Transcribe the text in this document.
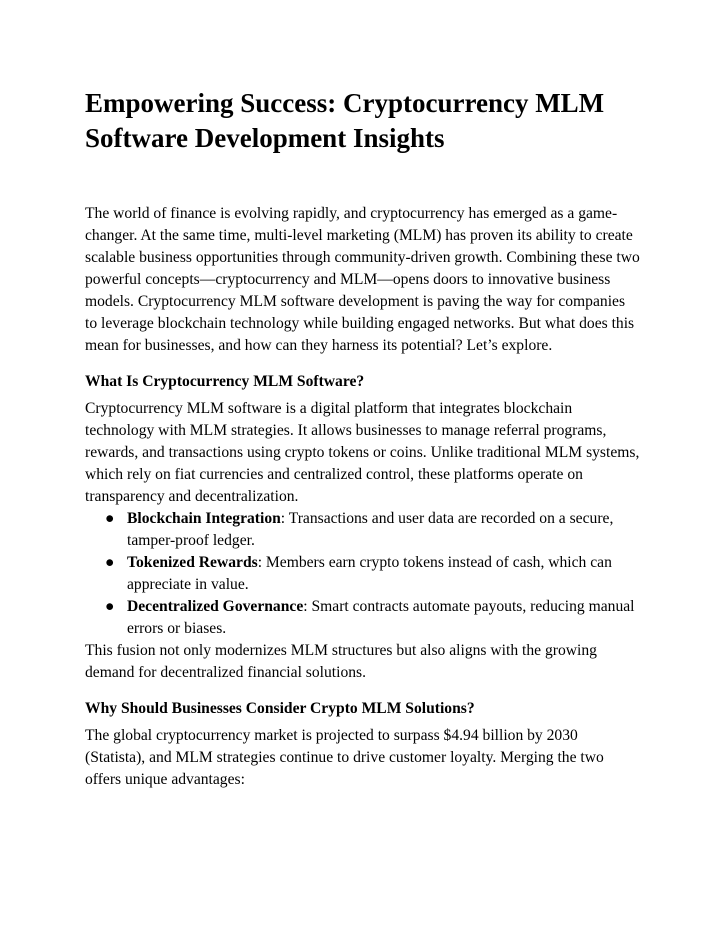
Empowering Success: Cryptocurrency MLM Software Development Insights

The world of finance is evolving rapidly, and cryptocurrency has emerged as a game-changer. At the same time, multi-level marketing (MLM) has proven its ability to create scalable business opportunities through community-driven growth. Combining these two powerful concepts—cryptocurrency and MLM—opens doors to innovative business models. Cryptocurrency MLM software development is paving the way for companies to leverage blockchain technology while building engaged networks. But what does this mean for businesses, and how can they harness its potential? Let’s explore.

What Is Cryptocurrency MLM Software?

Cryptocurrency MLM software is a digital platform that integrates blockchain technology with MLM strategies. It allows businesses to manage referral programs, rewards, and transactions using crypto tokens or coins. Unlike traditional MLM systems, which rely on fiat currencies and centralized control, these platforms operate on transparency and decentralization.

● Blockchain Integration: Transactions and user data are recorded on a secure, tamper-proof ledger.
● Tokenized Rewards: Members earn crypto tokens instead of cash, which can appreciate in value.
● Decentralized Governance: Smart contracts automate payouts, reducing manual errors or biases.

This fusion not only modernizes MLM structures but also aligns with the growing demand for decentralized financial solutions.

Why Should Businesses Consider Crypto MLM Solutions?

The global cryptocurrency market is projected to surpass $4.94 billion by 2030 (Statista), and MLM strategies continue to drive customer loyalty. Merging the two offers unique advantages:
